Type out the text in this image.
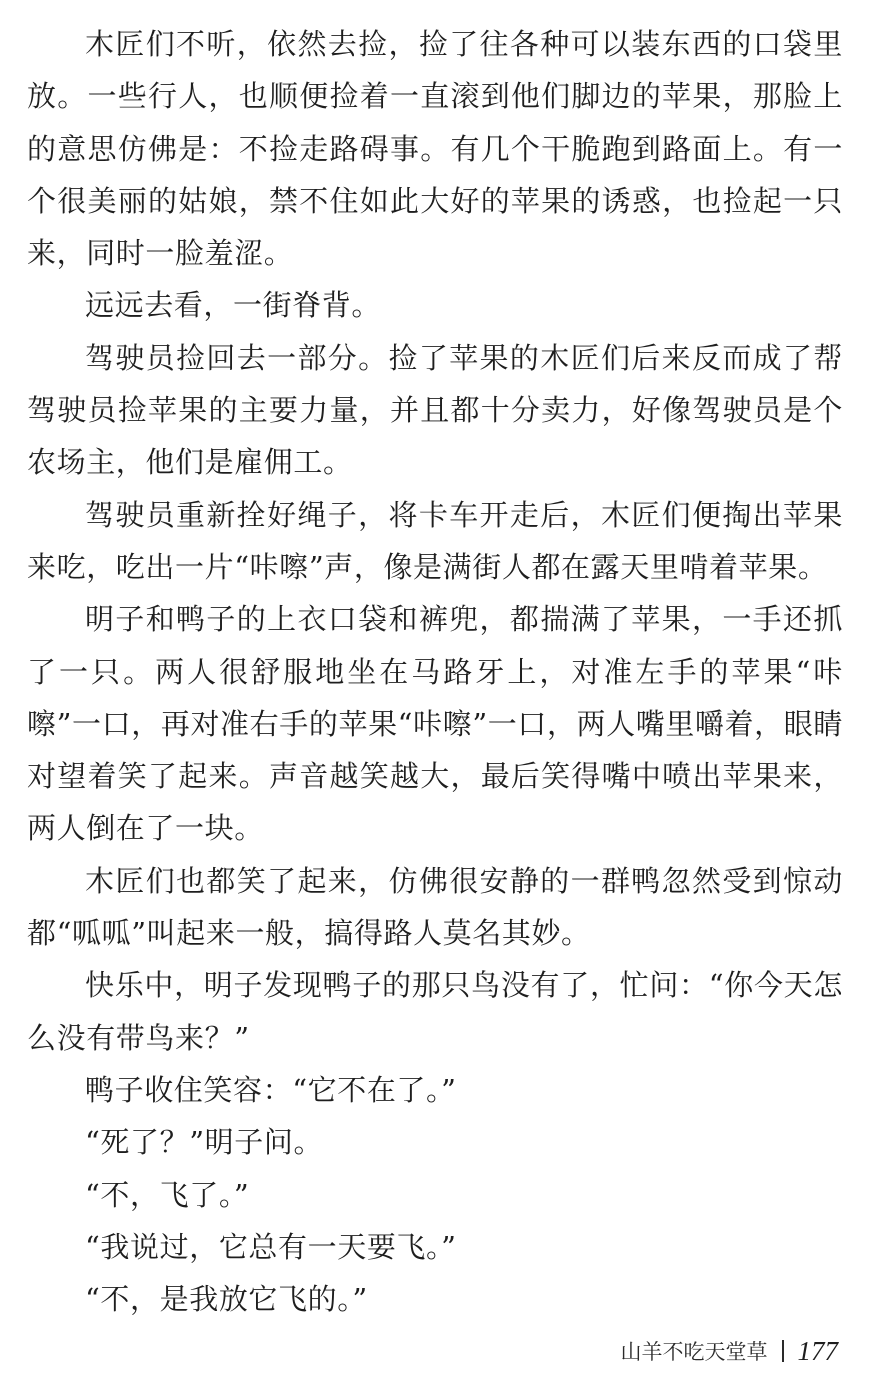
木匠们不听，依然去捡，捡了往各种可以装东西的口袋里放。一些行人，也顺便捡着一直滚到他们脚边的苹果，那脸上的意思仿佛是：不捡走路碍事。有几个干脆跑到路面上。有一个很美丽的姑娘，禁不住如此大好的苹果的诱惑，也捡起一只来，同时一脸羞涩。

远远去看，一街脊背。

驾驶员捡回去一部分。捡了苹果的木匠们后来反而成了帮驾驶员捡苹果的主要力量，并且都十分卖力，好像驾驶员是个农场主，他们是雇佣工。

驾驶员重新拴好绳子，将卡车开走后，木匠们便掏出苹果来吃，吃出一片“咔嚓”声，像是满街人都在露天里啃着苹果。

明子和鸭子的上衣口袋和裤兜，都揣满了苹果，一手还抓了一只。两人很舒服地坐在马路牙上，对准左手的苹果“咔嚓”一口，再对准右手的苹果“咔嚓”一口，两人嘴里嚼着，眼睛对望着笑了起来。声音越笑越大，最后笑得嘴中喷出苹果来，两人倒在了一块。

木匠们也都笑了起来，仿佛很安静的一群鸭忽然受到惊动都“呱呱”叫起来一般，搞得路人莫名其妙。

快乐中，明子发现鸭子的那只鸟没有了，忙问：“你今天怎么没有带鸟来？”

鸭子收住笑容：“它不在了。”

“死了？”明子问。

“不，飞了。”

“我说过，它总有一天要飞。”

“不，是我放它飞的。”

山羊不吃天堂草 177
